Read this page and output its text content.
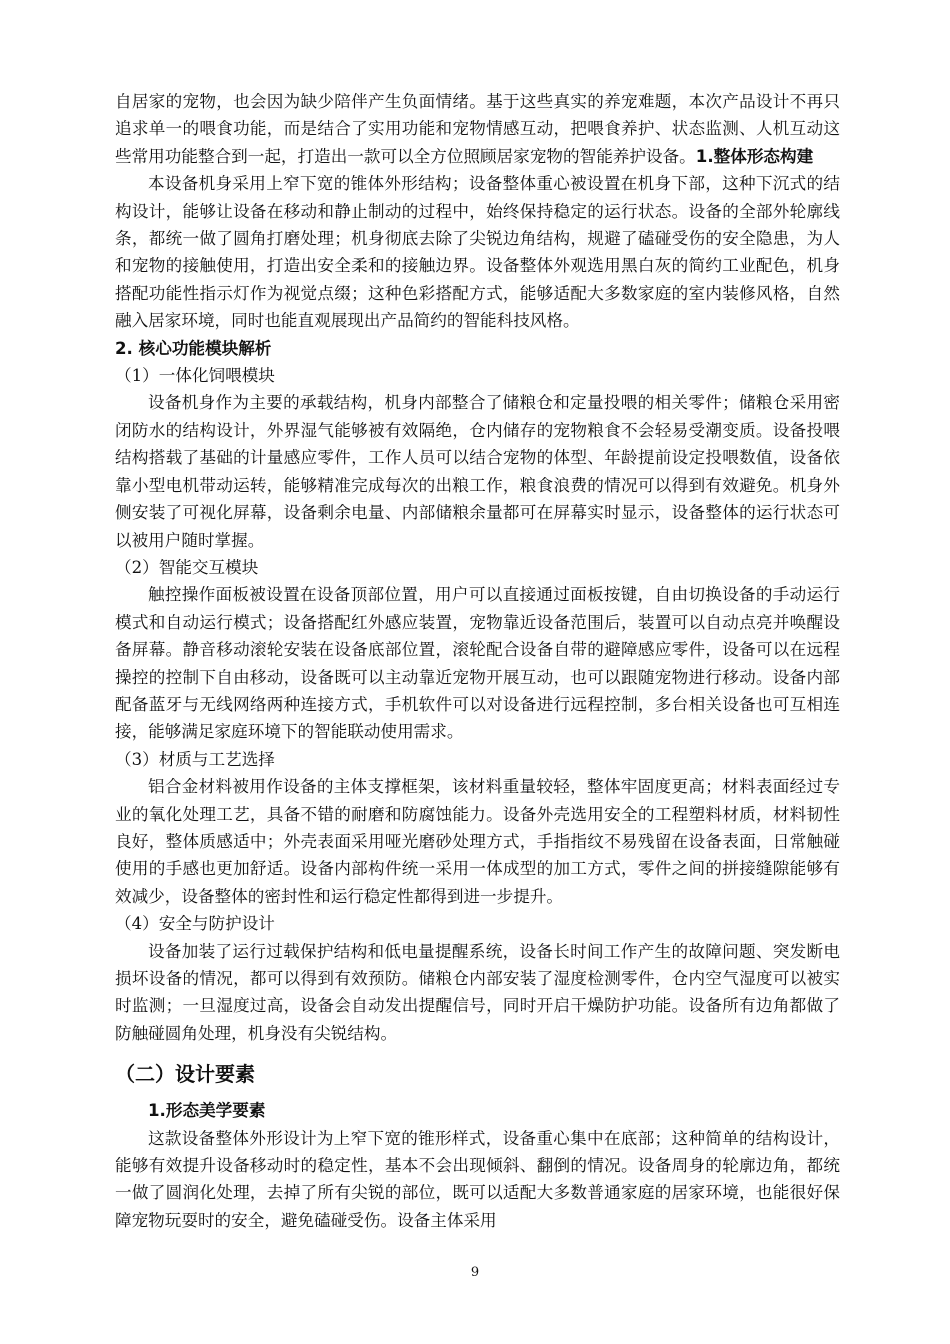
自居家的宠物，也会因为缺少陪伴产生负面情绪。基于这些真实的养宠难题，本次产品设计不再只追求单一的喂食功能，而是结合了实用功能和宠物情感互动，把喂食养护、状态监测、人机互动这些常用功能整合到一起，打造出一款可以全方位照顾居家宠物的智能养护设备。1.整体形态构建

本设备机身采用上窄下宽的锥体外形结构；设备整体重心被设置在机身下部，这种下沉式的结构设计，能够让设备在移动和静止制动的过程中，始终保持稳定的运行状态。设备的全部外轮廓线条，都统一做了圆角打磨处理；机身彻底去除了尖锐边角结构，规避了磕碰受伤的安全隐患，为人和宠物的接触使用，打造出安全柔和的接触边界。设备整体外观选用黑白灰的简约工业配色，机身搭配功能性指示灯作为视觉点缀；这种色彩搭配方式，能够适配大多数家庭的室内装修风格，自然融入居家环境，同时也能直观展现出产品简约的智能科技风格。

2. 核心功能模块解析

（1）一体化饲喂模块

设备机身作为主要的承载结构，机身内部整合了储粮仓和定量投喂的相关零件；储粮仓采用密闭防水的结构设计，外界湿气能够被有效隔绝，仓内储存的宠物粮食不会轻易受潮变质。设备投喂结构搭载了基础的计量感应零件，工作人员可以结合宠物的体型、年龄提前设定投喂数值，设备依靠小型电机带动运转，能够精准完成每次的出粮工作，粮食浪费的情况可以得到有效避免。机身外侧安装了可视化屏幕，设备剩余电量、内部储粮余量都可在屏幕实时显示，设备整体的运行状态可以被用户随时掌握。

（2）智能交互模块

触控操作面板被设置在设备顶部位置，用户可以直接通过面板按键，自由切换设备的手动运行模式和自动运行模式；设备搭配红外感应装置，宠物靠近设备范围后，装置可以自动点亮并唤醒设备屏幕。静音移动滚轮安装在设备底部位置，滚轮配合设备自带的避障感应零件，设备可以在远程操控的控制下自由移动，设备既可以主动靠近宠物开展互动，也可以跟随宠物进行移动。设备内部配备蓝牙与无线网络两种连接方式，手机软件可以对设备进行远程控制，多台相关设备也可互相连接，能够满足家庭环境下的智能联动使用需求。

（3）材质与工艺选择

铝合金材料被用作设备的主体支撑框架，该材料重量较轻，整体牢固度更高；材料表面经过专业的氧化处理工艺，具备不错的耐磨和防腐蚀能力。设备外壳选用安全的工程塑料材质，材料韧性良好，整体质感适中；外壳表面采用哑光磨砂处理方式，手指指纹不易残留在设备表面，日常触碰使用的手感也更加舒适。设备内部构件统一采用一体成型的加工方式，零件之间的拼接缝隙能够有效减少，设备整体的密封性和运行稳定性都得到进一步提升。

（4）安全与防护设计

设备加装了运行过载保护结构和低电量提醒系统，设备长时间工作产生的故障问题、突发断电损坏设备的情况，都可以得到有效预防。储粮仓内部安装了湿度检测零件，仓内空气湿度可以被实时监测；一旦湿度过高，设备会自动发出提醒信号，同时开启干燥防护功能。设备所有边角都做了防触碰圆角处理，机身没有尖锐结构。

（二）设计要素

1.形态美学要素

这款设备整体外形设计为上窄下宽的锥形样式，设备重心集中在底部；这种简单的结构设计，能够有效提升设备移动时的稳定性，基本不会出现倾斜、翻倒的情况。设备周身的轮廓边角，都统一做了圆润化处理，去掉了所有尖锐的部位，既可以适配大多数普通家庭的居家环境，也能很好保障宠物玩耍时的安全，避免磕碰受伤。设备主体采用

9
